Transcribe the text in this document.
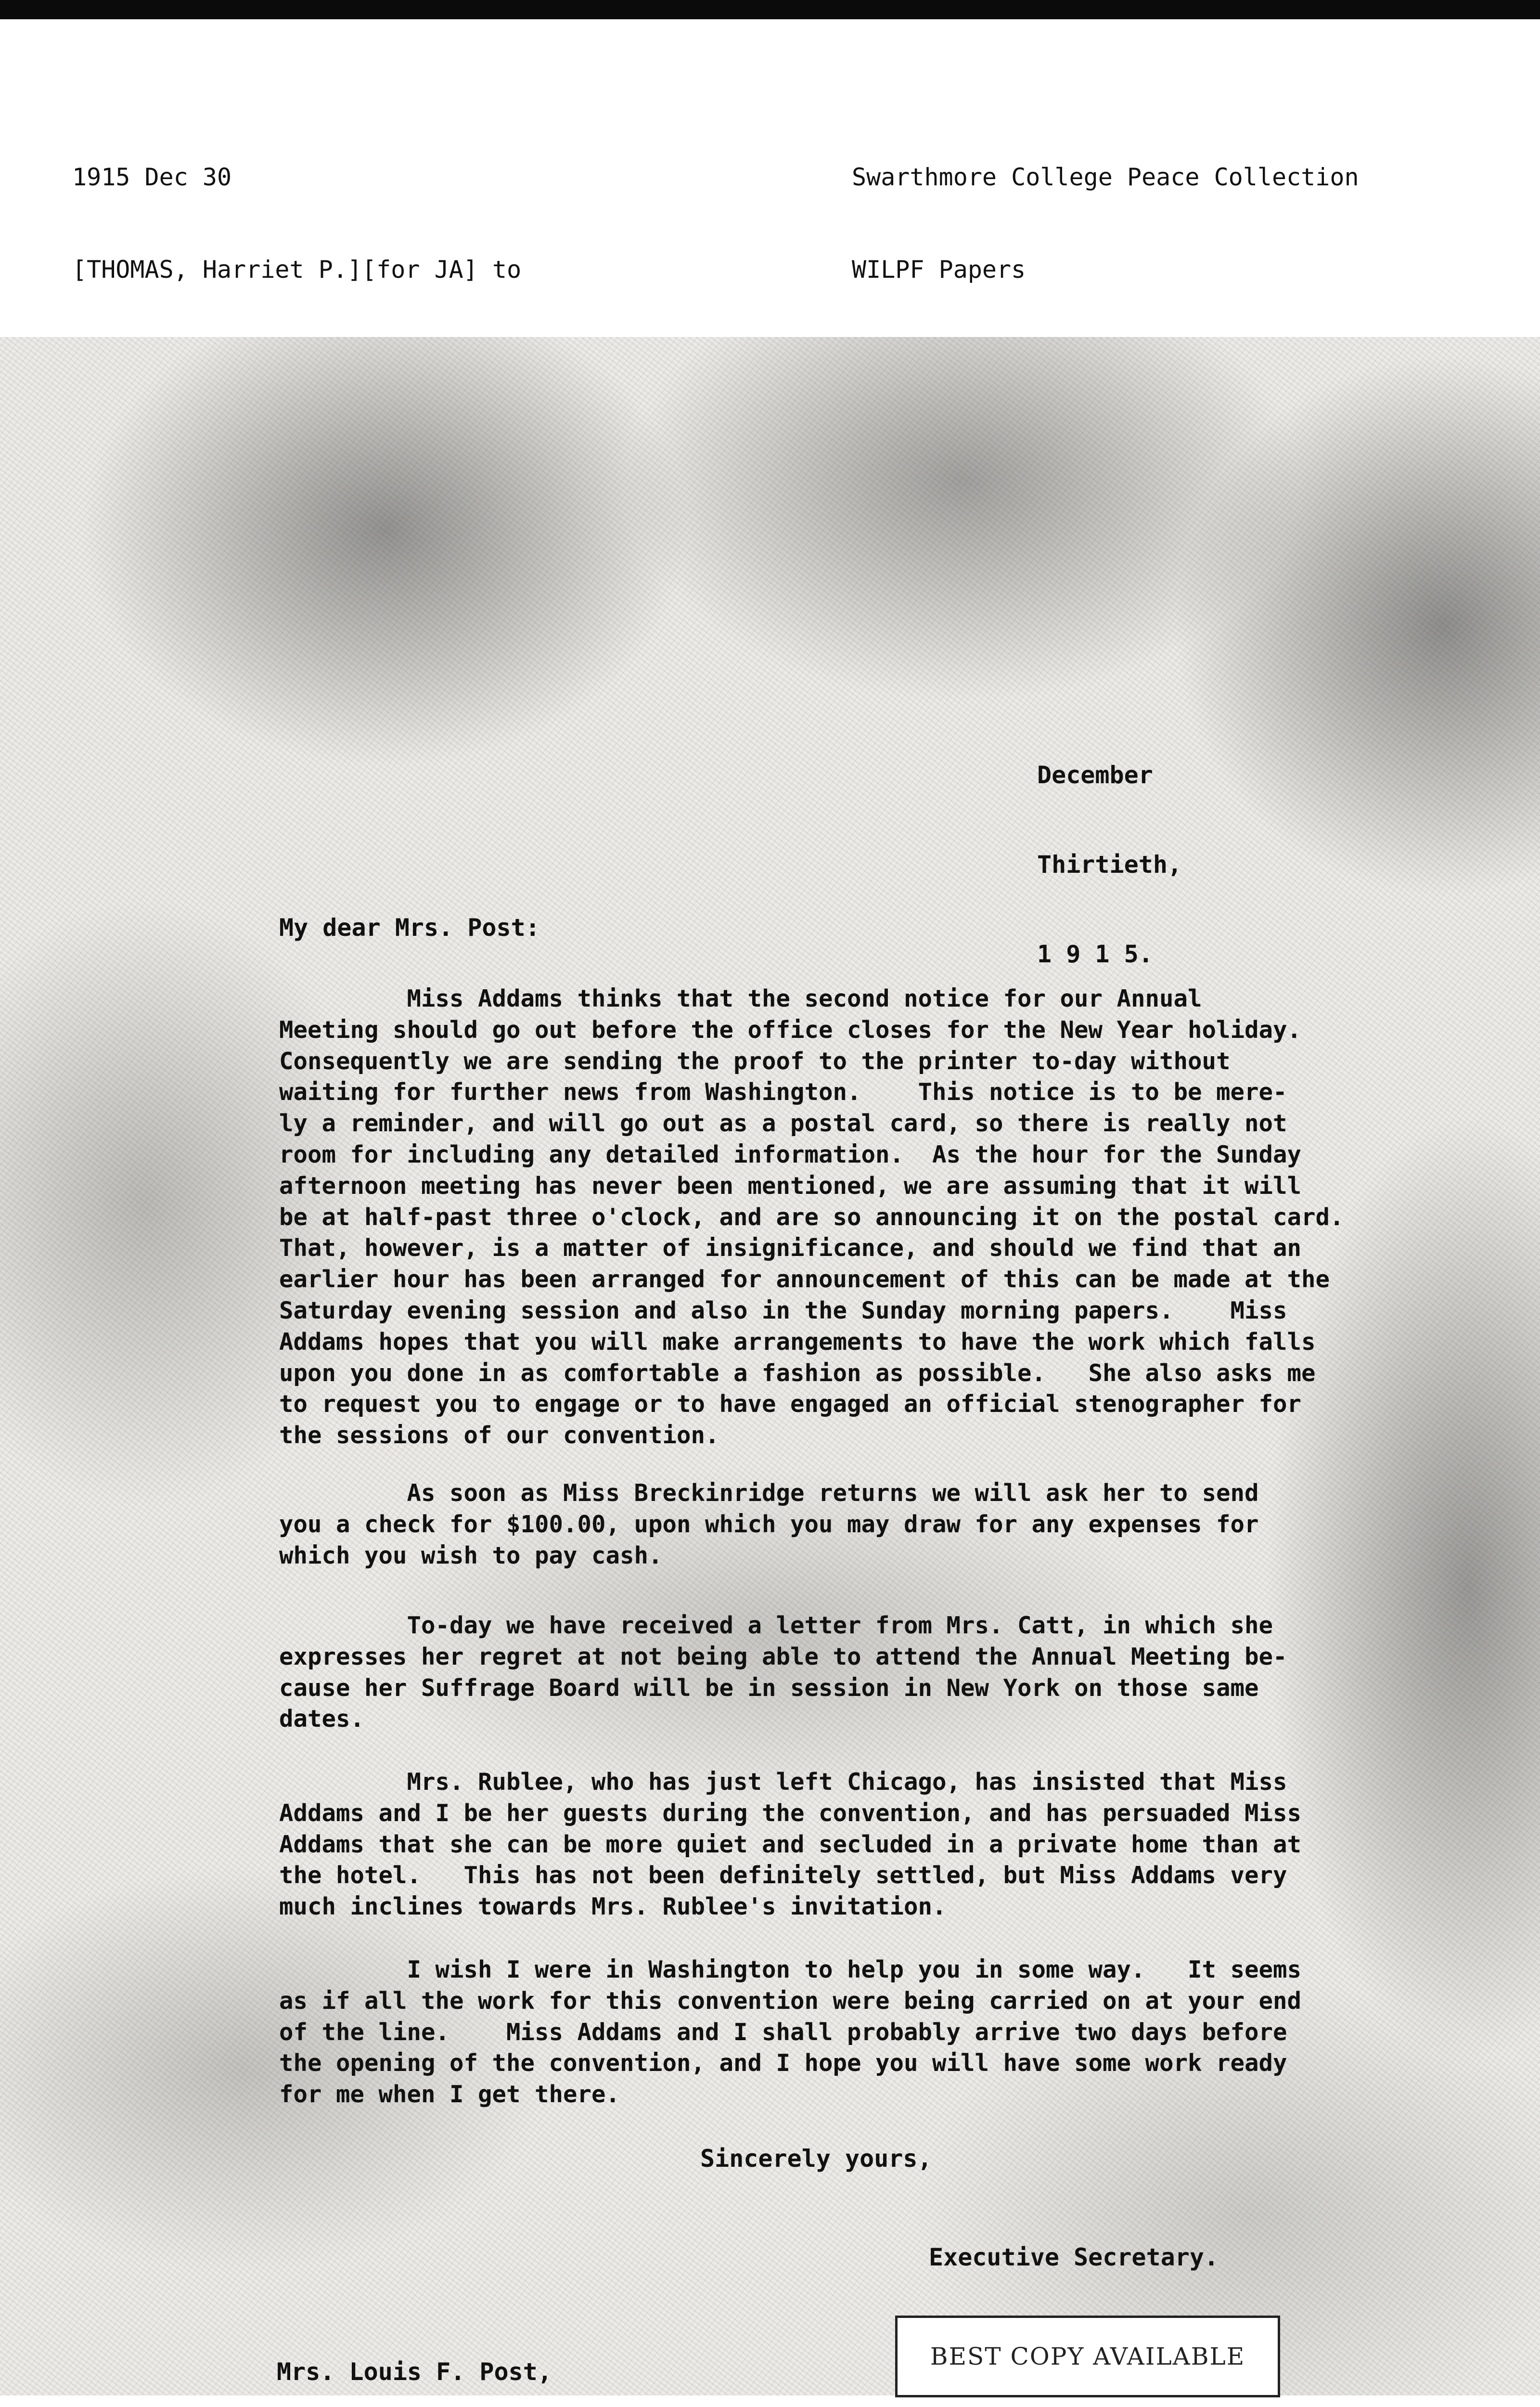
1915 Dec 30

[THOMAS, Harriet P.][for JA] to

Swarthmore College Peace Collection

WILPF Papers

December

Thirtieth,

1 9 1 5.

My dear Mrs. Post:
Miss Addams thinks that the second notice for our Annual
Meeting should go out before the office closes for the New Year holiday.
Consequently we are sending the proof to the printer to-day without
waiting for further news from Washington.    This notice is to be mere-
ly a reminder, and will go out as a postal card, so there is really not
room for including any detailed information.  As the hour for the Sunday
afternoon meeting has never been mentioned, we are assuming that it will
be at half-past three o'clock, and are so announcing it on the postal card.
That, however, is a matter of insignificance, and should we find that an
earlier hour has been arranged for announcement of this can be made at the
Saturday evening session and also in the Sunday morning papers.    Miss
Addams hopes that you will make arrangements to have the work which falls
upon you done in as comfortable a fashion as possible.   She also asks me
to request you to engage or to have engaged an official stenographer for
the sessions of our convention.
As soon as Miss Breckinridge returns we will ask her to send
you a check for $100.00, upon which you may draw for any expenses for
which you wish to pay cash.
To-day we have received a letter from Mrs. Catt, in which she
expresses her regret at not being able to attend the Annual Meeting be-
cause her Suffrage Board will be in session in New York on those same
dates.
Mrs. Rublee, who has just left Chicago, has insisted that Miss
Addams and I be her guests during the convention, and has persuaded Miss
Addams that she can be more quiet and secluded in a private home than at
the hotel.   This has not been definitely settled, but Miss Addams very
much inclines towards Mrs. Rublee's invitation.
I wish I were in Washington to help you in some way.   It seems
as if all the work for this convention were being carried on at your end
of the line.    Miss Addams and I shall probably arrive two days before
the opening of the convention, and I hope you will have some work ready
for me when I get there.
Sincerely yours,
Executive Secretary.

Mrs. Louis F. Post,

BEST COPY AVAILABLE
